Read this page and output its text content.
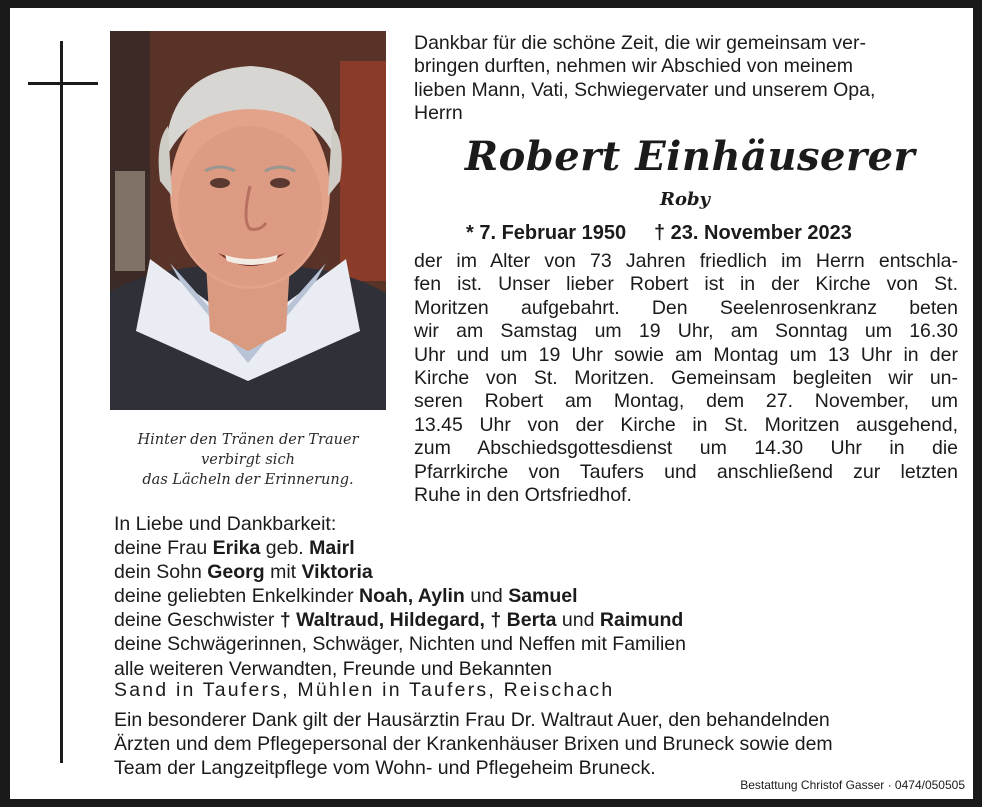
Hinter den Tränen der Trauer
verbirgt sich
das Lächeln der Erinnerung.
Dankbar für die schöne Zeit, die wir gemeinsam ver-
bringen durften, nehmen wir Abschied von meinem
lieben Mann, Vati, Schwiegervater und unserem Opa,
Herrn
Robert Einhäuserer
Roby
* 7. Februar 1950 † 23. November 2023
der im Alter von 73 Jahren friedlich im Herrn entschla-
fen ist. Unser lieber Robert ist in der Kirche von St.
Moritzen aufgebahrt. Den Seelenrosenkranz beten
wir am Samstag um 19 Uhr, am Sonntag um 16.30
Uhr und um 19 Uhr sowie am Montag um 13 Uhr in der
Kirche von St. Moritzen. Gemeinsam begleiten wir un-
seren Robert am Montag, dem 27. November, um
13.45 Uhr von der Kirche in St. Moritzen ausgehend,
zum Abschiedsgottesdienst um 14.30 Uhr in die
Pfarrkirche von Taufers und anschließend zur letzten
Ruhe in den Ortsfriedhof.
In Liebe und Dankbarkeit:
deine Frau Erika geb. Mairl
dein Sohn Georg mit Viktoria
deine geliebten Enkelkinder Noah, Aylin und Samuel
deine Geschwister † Waltraud, Hildegard, † Berta und Raimund
deine Schwägerinnen, Schwäger, Nichten und Neffen mit Familien
alle weiteren Verwandten, Freunde und Bekannten
Sand in Taufers, Mühlen in Taufers, Reischach
Ein besonderer Dank gilt der Hausärztin Frau Dr. Waltraut Auer, den behandelnden
Ärzten und dem Pflegepersonal der Krankenhäuser Brixen und Bruneck sowie dem
Team der Langzeitpflege vom Wohn- und Pflegeheim Bruneck.
Bestattung Christof Gasser · 0474/050505
